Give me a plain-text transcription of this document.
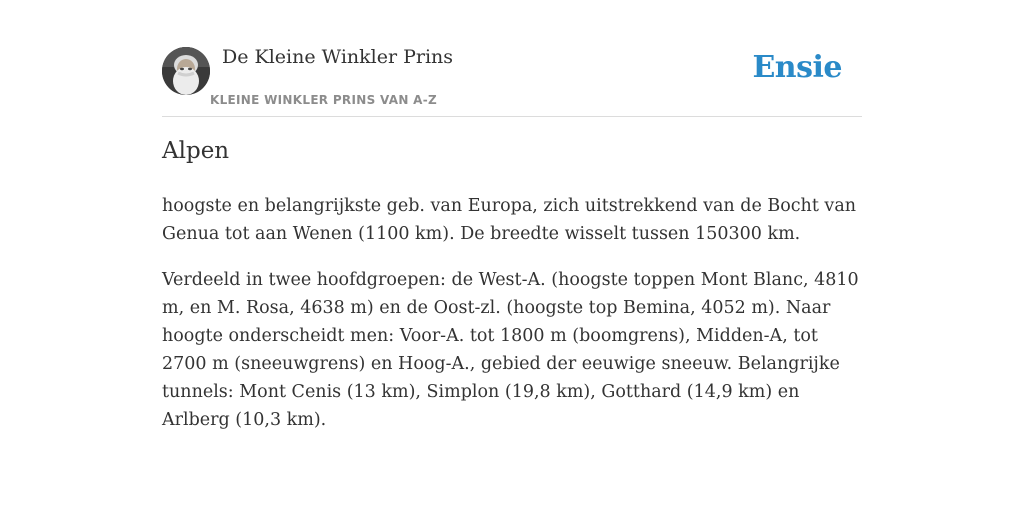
De Kleine Winkler Prins
KLEINE WINKLER PRINS VAN A-Z
Ensie
Alpen

hoogste en belangrijkste geb. van Europa, zich uitstrekkend van de Bocht van Genua tot aan Wenen (1100 km). De breedte wisselt tussen 150300 km.

Verdeeld in twee hoofdgroepen: de West-A. (hoogste toppen Mont Blanc, 4810 m, en M. Rosa, 4638 m) en de Oost-zl. (hoogste top Bemina, 4052 m). Naar hoogte onderscheidt men: Voor-A. tot 1800 m (boomgrens), Midden-A, tot 2700 m (sneeuwgrens) en Hoog-A., gebied der eeuwige sneeuw. Belangrijke tunnels: Mont Cenis (13 km), Simplon (19,8 km), Gotthard (14,9 km) en Arlberg (10,3 km).
